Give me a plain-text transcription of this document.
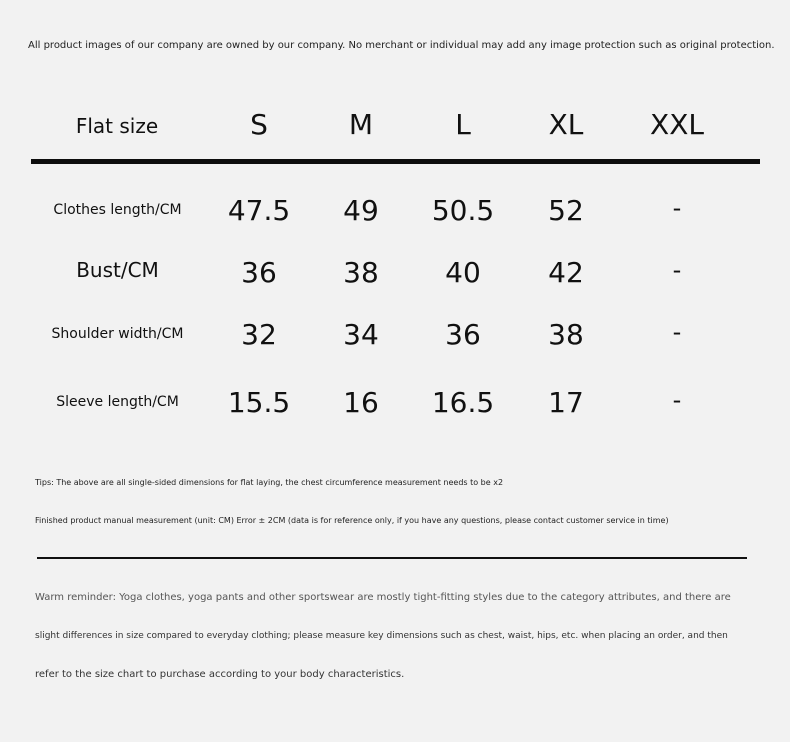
All product images of our company are owned by our company. No merchant or individual may add any image protection such as original protection.
Flat size	S	M	L	XL	XXL
Clothes length/CM	47.5	49	50.5	52	-
Bust/CM	36	38	40	42	-
Shoulder width/CM	32	34	36	38	-
Sleeve length/CM	15.5	16	16.5	17	-
Tips: The above are all single-sided dimensions for flat laying, the chest circumference measurement needs to be x2
Finished product manual measurement (unit: CM) Error ± 2CM (data is for reference only, if you have any questions, please contact customer service in time)
Warm reminder: Yoga clothes, yoga pants and other sportswear are mostly tight-fitting styles due to the category attributes, and there are
slight differences in size compared to everyday clothing; please measure key dimensions such as chest, waist, hips, etc. when placing an order, and then
refer to the size chart to purchase according to your body characteristics.
